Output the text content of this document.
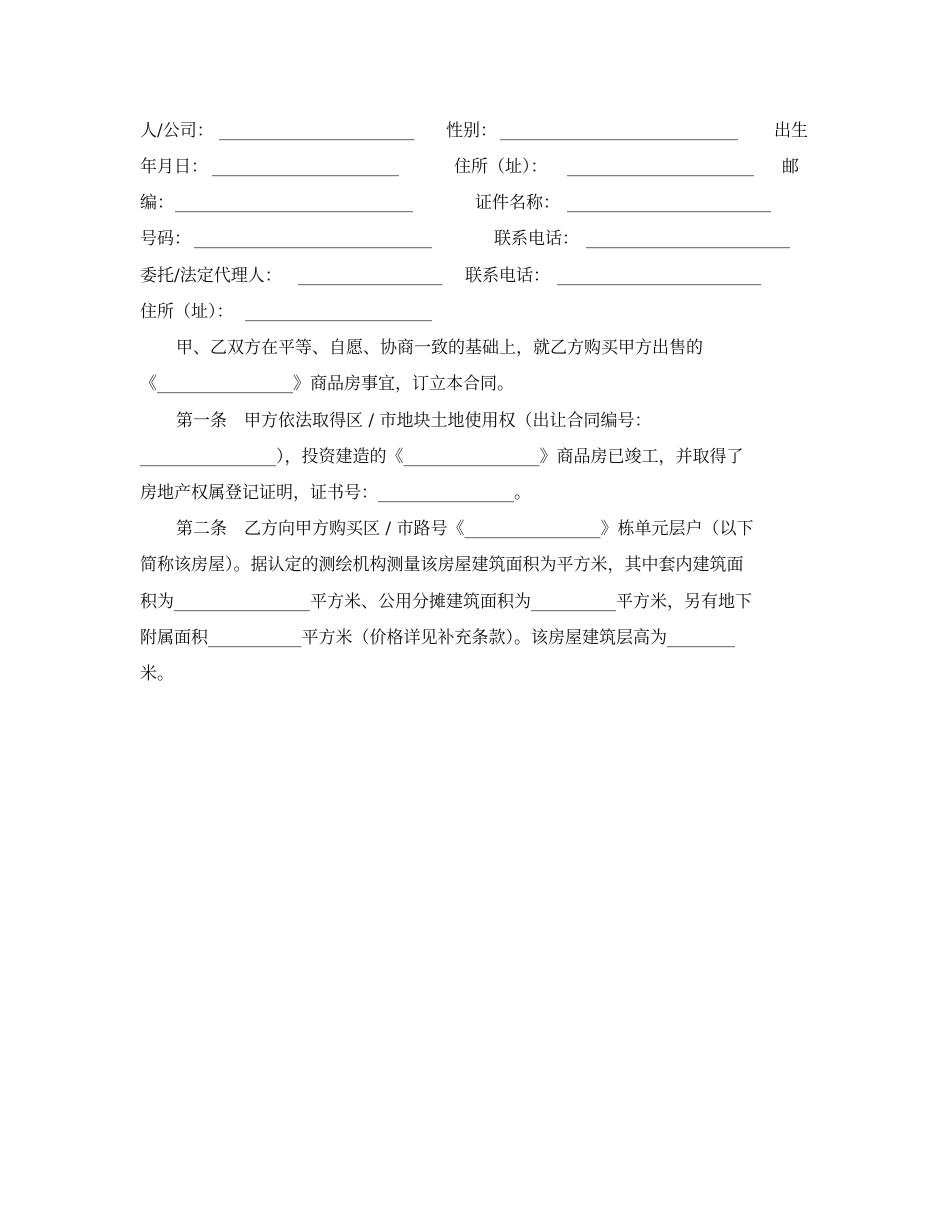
人/公司： _______________________ 性别： ____________________________ 出生
年月日： ______________________	住所（址）： ______________________ 邮
编： ____________________________	证件名称： ________________________
号码： ____________________________	联系电话： ________________________
委托/法定代理人： _________________ 联系电话： ________________________
住所（址）： ______________________
甲、乙双方在平等、自愿、协商一致的基础上，就乙方购买甲方出售的
《________________》商品房事宜，订立本合同。
第一条　甲方依法取得区 / 市地块土地使用权（出让合同编号：
________________），投资建造的《________________》商品房已竣工，并取得了
房地产权属登记证明，证书号：________________。
第二条　乙方向甲方购买区 / 市路号《________________》栋单元层户（以下
简称该房屋）。据认定的测绘机构测量该房屋建筑面积为平方米，其中套内建筑面
积为________________平方米、公用分摊建筑面积为__________平方米，另有地下
附属面积___________平方米（价格详见补充条款）。该房屋建筑层高为________
米。
